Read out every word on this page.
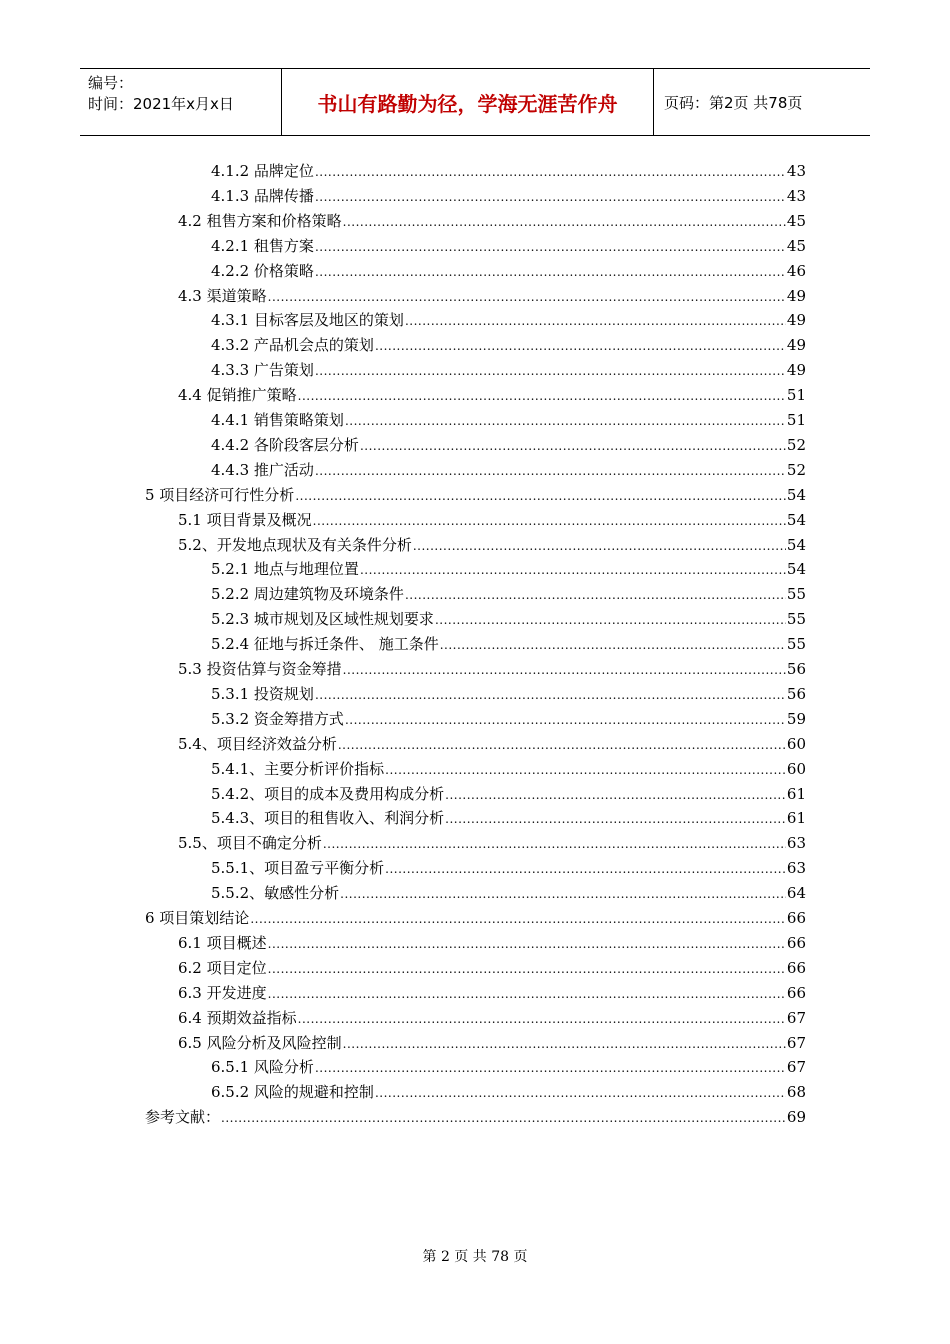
编号：
时间：2021年x月x日	书山有路勤为径，学海无涯苦作舟	页码：第2页 共78页
4.1.2 品牌定位 .....	43
4.1.3 品牌传播 .....	43
4.2 租售方案和价格策略 .....	45
4.2.1 租售方案 .....	45
4.2.2 价格策略 .....	46
4.3 渠道策略 .....	49
4.3.1 目标客层及地区的策划 .....	49
4.3.2 产品机会点的策划 .....	49
4.3.3 广告策划 .....	49
4.4 促销推广策略 .....	51
4.4.1 销售策略策划 .....	51
4.4.2 各阶段客层分析 .....	52
4.4.3 推广活动 .....	52
5 项目经济可行性分析 .....	54
5.1 项目背景及概况 .....	54
5.2、开发地点现状及有关条件分析 .....	54
5.2.1 地点与地理位置 .....	54
5.2.2 周边建筑物及环境条件 .....	55
5.2.3 城市规划及区域性规划要求 .....	55
5.2.4 征地与拆迁条件、 施工条件 .....	55
5.3 投资估算与资金筹措 .....	56
5.3.1 投资规划 .....	56
5.3.2 资金筹措方式 .....	59
5.4、项目经济效益分析 .....	60
5.4.1、主要分析评价指标 .....	60
5.4.2、项目的成本及费用构成分析 .....	61
5.4.3、项目的租售收入、利润分析 .....	61
5.5、项目不确定分析 .....	63
5.5.1、项目盈亏平衡分析 .....	63
5.5.2、敏感性分析 .....	64
6 项目策划结论 .....	66
6.1 项目概述 .....	66
6.2 项目定位 .....	66
6.3 开发进度 .....	66
6.4 预期效益指标 .....	67
6.5 风险分析及风险控制 .....	67
6.5.1 风险分析 .....	67
6.5.2 风险的规避和控制 .....	68
参考文献： .....	69
第 2 页 共 78 页
